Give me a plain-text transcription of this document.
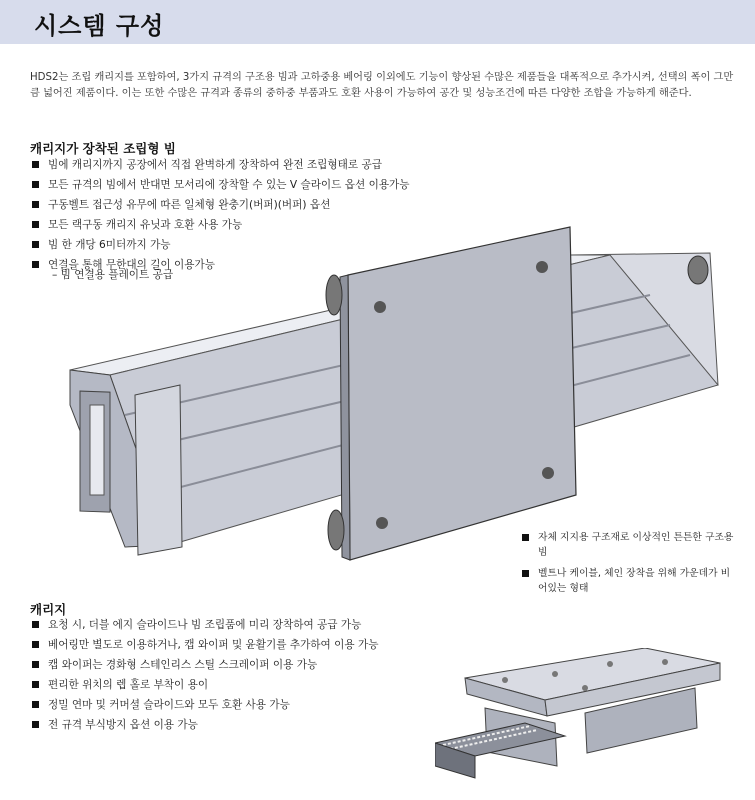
시스템 구성
HDS2는 조립 캐리지를 포함하여, 3가지 규격의 구조용 빔과 고하중용 베어링 이외에도 기능이 향상된 수많은 제품들을 대폭적으로 추가시켜, 선택의 폭이 그만큼 넓어진 제품이다. 이는 또한 수많은 규격과 종류의 중하중 부품과도 호환 사용이 가능하여 공간 및 성능조건에 따른 다양한 조합을 가능하게 해준다.
캐리지가 장착된 조립형 빔
빔에 캐리지까지 공장에서 직접 완벽하게 장착하여 완전 조립형태로 공급
모든 규격의 빔에서 반대면 모서리에 장착할 수 있는 V 슬라이드 옵션 이용가능
구동벨트 접근성 유무에 따른 일체형 완충기(버퍼)(버퍼) 옵션
모든 랙구동 캐리지 유닛과 호환 사용 가능
빔 한 개당 6미터까지 가능
연결을 통해 무한대의 길이 이용가능
– 빔 연결용 플레이트 공급
자체 지지용 구조재로 이상적인 튼튼한 구조용 빔
벨트나 케이블, 체인 장착을 위해 가운데가 비어있는 형태
캐리지
요청 시, 더블 에지 슬라이드나 빔 조립품에 미리 장착하여 공급 가능
베어링만 별도로 이용하거나, 캡 와이퍼 및 윤활기를 추가하여 이용 가능
캡 와이퍼는 경화형 스테인리스 스틸 스크레이퍼 이용 가능
편리한 위치의 렙 홀로 부착이 용이
정밀 연마 및 커머셜 슬라이드와 모두 호환 사용 가능
전 규격 부식방지 옵션 이용 가능
